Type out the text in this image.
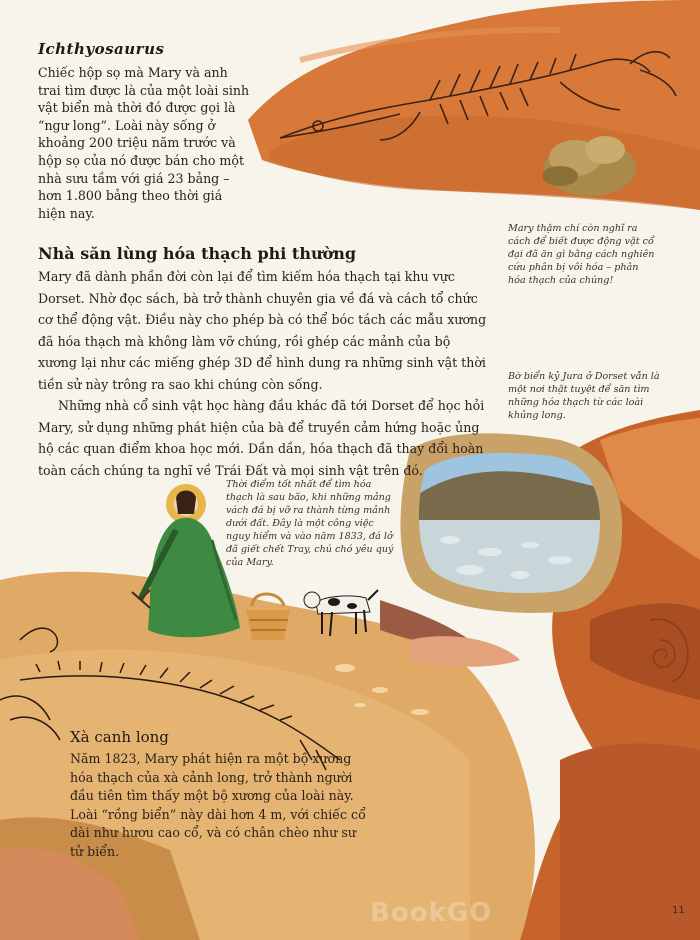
Ichthyosaurus
Chiếc hộp sọ mà Mary và anh trai tìm được là của một loài sinh vật biển mà thời đó được gọi là “ngư long”. Loài này sống ở khoảng 200 triệu năm trước và hộp sọ của nó được bán cho một nhà sưu tầm với giá 23 bảng – hơn 1.800 bảng theo thời giá hiện nay.
Mary thậm chí còn nghĩ ra cách để biết được động vật cổ đại đã ăn gì bằng cách nghiên cứu phân bị vôi hóa – phân hóa thạch của chúng!
Nhà săn lùng hóa thạch phi thường

Mary đã dành phần đời còn lại để tìm kiếm hóa thạch tại khu vực Dorset. Nhờ đọc sách, bà trở thành chuyên gia về đá và cách tổ chức cơ thể động vật. Điều này cho phép bà có thể bóc tách các mẫu xương đã hóa thạch mà không làm vỡ chúng, rồi ghép các mảnh của bộ xương lại như các miếng ghép 3D để hình dung ra những sinh vật thời tiền sử này trông ra sao khi chúng còn sống.

Những nhà cổ sinh vật học hàng đầu khác đã tới Dorset để học hỏi Mary, sử dụng những phát hiện của bà để truyền cảm hứng hoặc ủng hộ các quan điểm khoa học mới. Dần dần, hóa thạch đã thay đổi hoàn toàn cách chúng ta nghĩ về Trái Đất và mọi sinh vật trên đó.

Bờ biển kỷ Jura ở Dorset vẫn là một nơi thật tuyệt để săn tìm những hóa thạch từ các loài khủng long.
Thời điểm tốt nhất để tìm hóa thạch là sau bão, khi những mảng vách đá bị vỡ ra thành từng mảnh dưới đất. Đây là một công việc nguy hiểm và vào năm 1833, đá lở đã giết chết Tray, chú chó yêu quý của Mary.
Xà canh long
Năm 1823, Mary phát hiện ra một bộ xương hóa thạch của xà cảnh long, trở thành người đầu tiên tìm thấy một bộ xương của loài này. Loài “rồng biển” này dài hơn 4 m, với chiếc cổ dài như hươu cao cổ, và có chân chèo như sư tử biển.
BookGO	11
